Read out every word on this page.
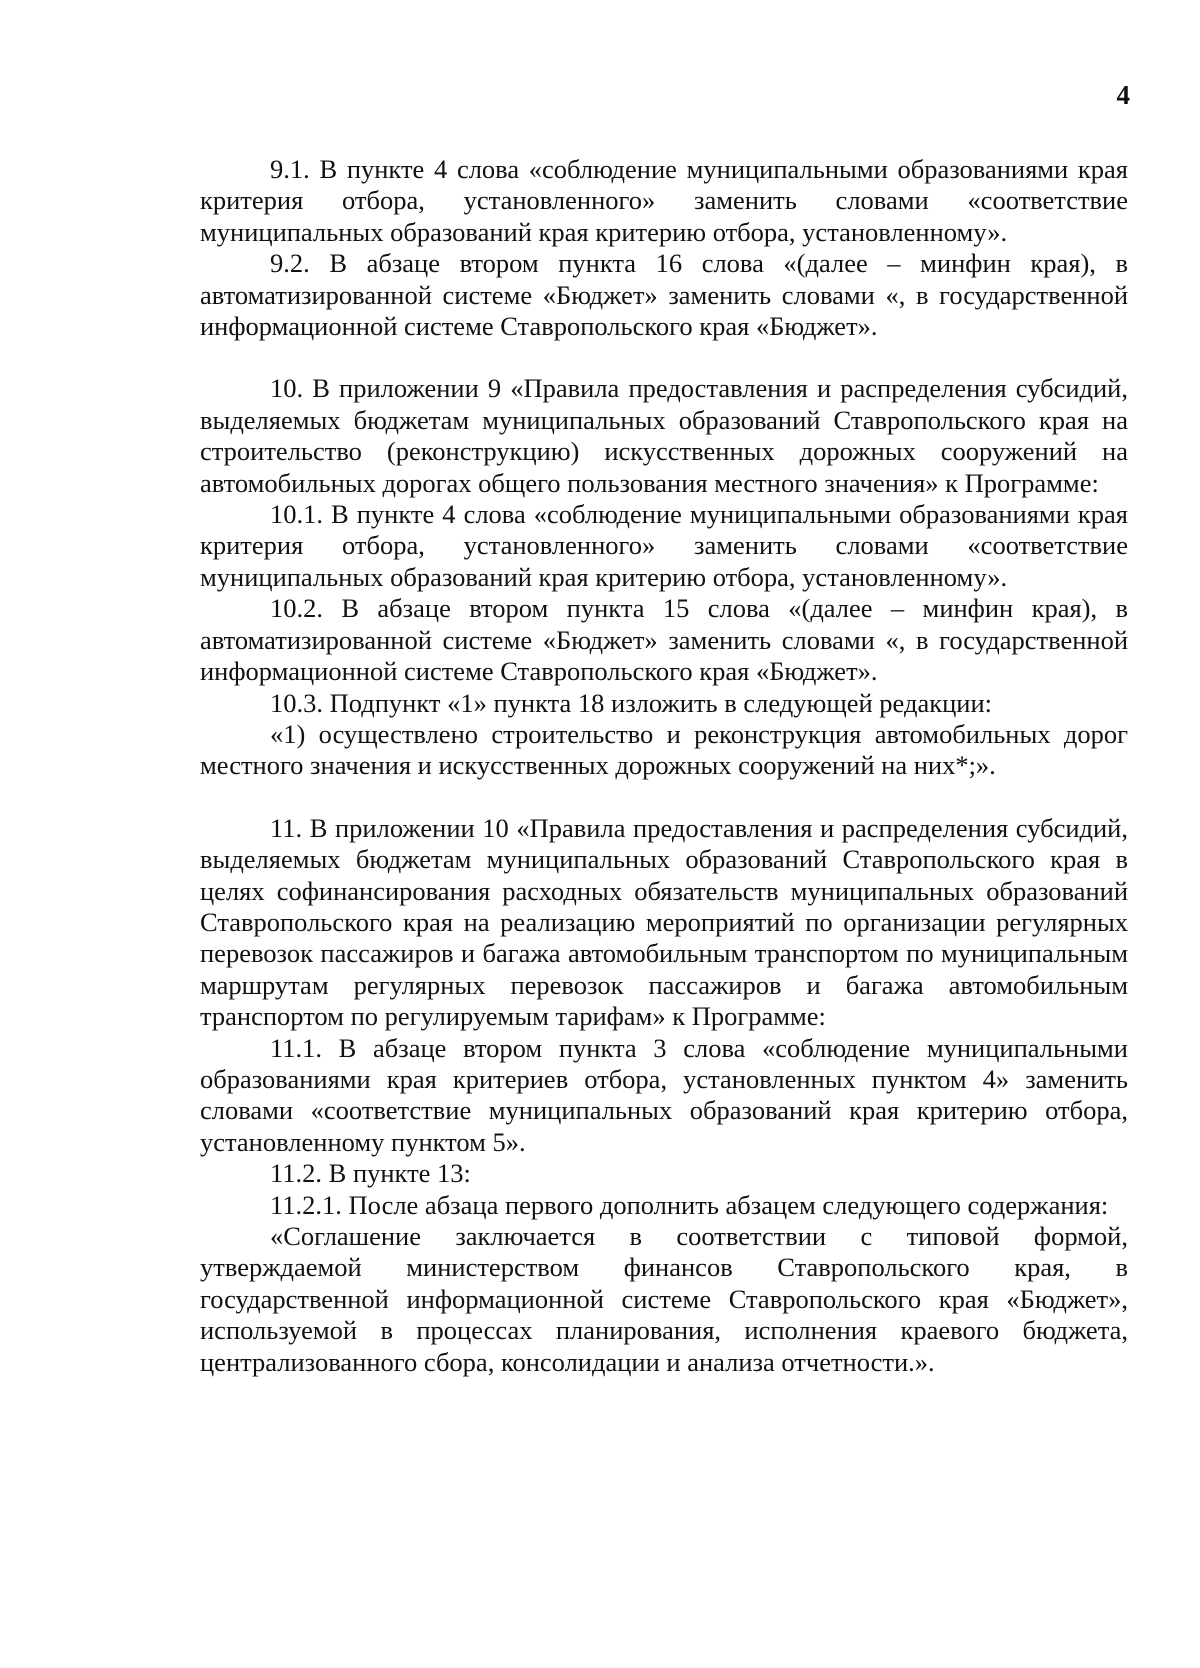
4

9.1. В пункте 4 слова «соблюдение муниципальными образованиями края критерия отбора, установленного» заменить словами «соответствие муниципальных образований края критерию отбора, установленному».

9.2. В абзаце втором пункта 16 слова «(далее – минфин края), в автоматизированной системе «Бюджет» заменить словами «, в государственной информационной системе Ставропольского края «Бюджет».

10. В приложении 9 «Правила предоставления и распределения субсидий, выделяемых бюджетам муниципальных образований Ставропольского края на строительство (реконструкцию) искусственных дорожных сооружений на автомобильных дорогах общего пользования местного значения» к Программе:

10.1. В пункте 4 слова «соблюдение муниципальными образованиями края критерия отбора, установленного» заменить словами «соответствие муниципальных образований края критерию отбора, установленному».

10.2. В абзаце втором пункта 15 слова «(далее – минфин края), в автоматизированной системе «Бюджет» заменить словами «, в государственной информационной системе Ставропольского края «Бюджет».

10.3. Подпункт «1» пункта 18 изложить в следующей редакции:

«1) осуществлено строительство и реконструкция автомобильных дорог местного значения и искусственных дорожных сооружений на них*;».

11. В приложении 10 «Правила предоставления и распределения субсидий, выделяемых бюджетам муниципальных образований Ставропольского края в целях софинансирования расходных обязательств муниципальных образований Ставропольского края на реализацию мероприятий по организации регулярных перевозок пассажиров и багажа автомобильным транспортом по муниципальным маршрутам регулярных перевозок пассажиров и багажа автомобильным транспортом по регулируемым тарифам» к Программе:

11.1. В абзаце втором пункта 3 слова «соблюдение муниципальными образованиями края критериев отбора, установленных пунктом 4» заменить словами «соответствие муниципальных образований края критерию отбора, установленному пунктом 5».

11.2. В пункте 13:

11.2.1. После абзаца первого дополнить абзацем следующего содержания:

«Соглашение заключается в соответствии с типовой формой, утверждаемой министерством финансов Ставропольского края, в государственной информационной системе Ставропольского края «Бюджет», используемой в процессах планирования, исполнения краевого бюджета, централизованного сбора, консолидации и анализа отчетности.».
